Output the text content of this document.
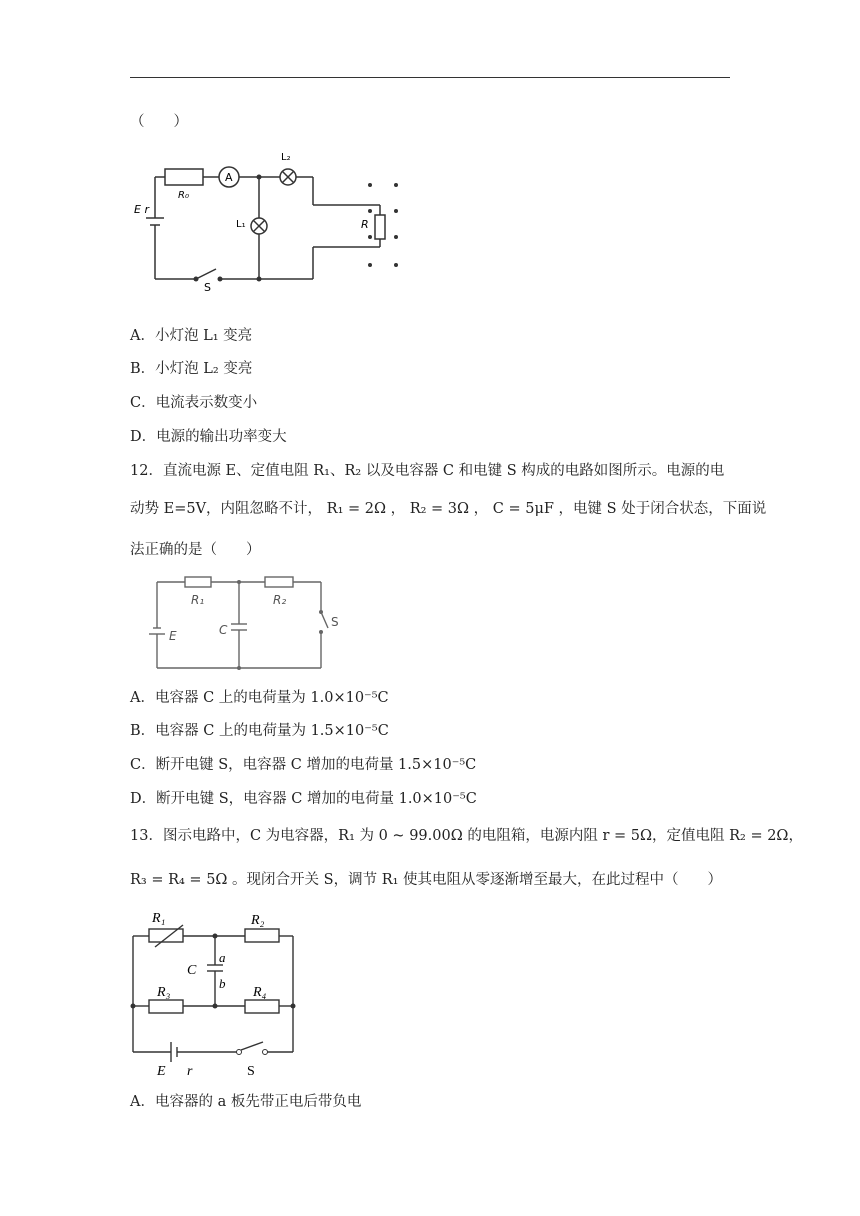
（　　）
E r
R₀
A
L₁
L₂
R
S
A．小灯泡 L₁ 变亮
B．小灯泡 L₂ 变亮
C．电流表示数变小
D．电源的输出功率变大
12．直流电源 E、定值电阻 R₁、R₂ 以及电容器 C 和电键 S 构成的电路如图所示。电源的电
动势 E=5V，内阻忽略不计， R₁ = 2Ω ， R₂ = 3Ω ， C = 5μF ，电键 S 处于闭合状态，下面说
法正确的是（　　）
R₁	R₂
C
E
S
A．电容器 C 上的电荷量为 1.0×10⁻⁵C
B．电容器 C 上的电荷量为 1.5×10⁻⁵C
C．断开电键 S，电容器 C 增加的电荷量 1.5×10⁻⁵C
D．断开电键 S，电容器 C 增加的电荷量 1.0×10⁻⁵C
13．图示电路中，C 为电容器，R₁ 为 0 ~ 99.00Ω 的电阻箱，电源内阻 r = 5Ω，定值电阻 R₂ = 2Ω，
R₃ = R₄ = 5Ω 。现闭合开关 S，调节 R₁ 使其电阻从零逐渐增至最大，在此过程中（　　）
R₁	R₂
C
a
b
R₃	R₄
E r	S
A．电容器的 a 板先带正电后带负电
